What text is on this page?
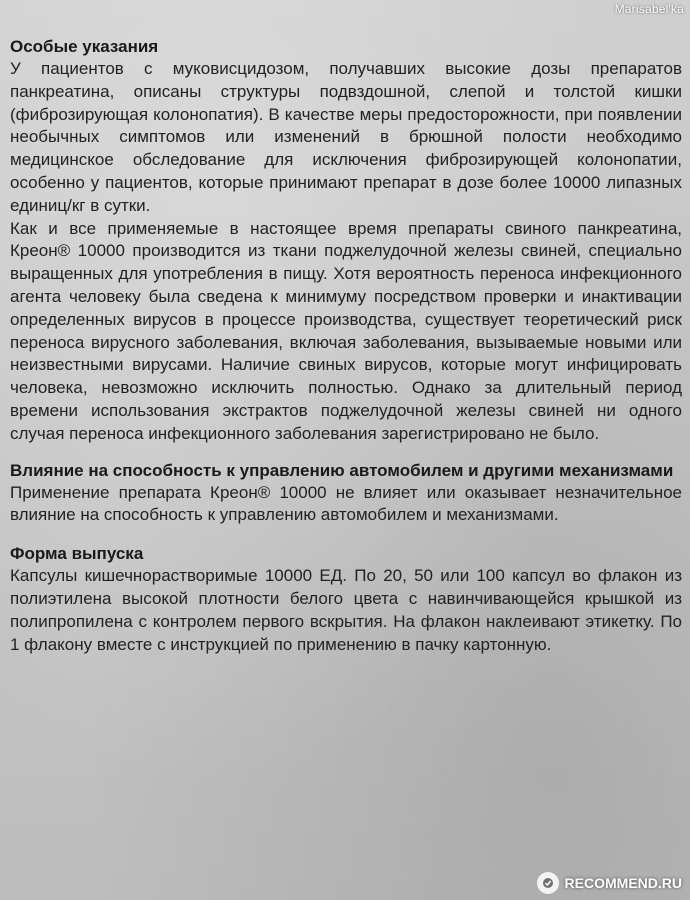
Marisabel'ka
Особые указания

У пациентов с муковисцидозом, получавших высокие дозы препаратов панкреатина, описаны структуры подвздошной, слепой и толстой кишки (фиброзирующая колонопатия). В качестве меры предосторожности, при появлении необычных симптомов или изменений в брюшной полости необходимо медицинское обследование для исключения фиброзирующей колонопатии, особенно у пациентов, которые принимают препарат в дозе более 10000 липазных единиц/кг в сутки.

Как и все применяемые в настоящее время препараты свиного панкреатина, Креон® 10000 производится из ткани поджелудочной железы свиней, специально выращенных для употребления в пищу. Хотя вероятность переноса инфекционного агента человеку была сведена к минимуму посредством проверки и инактивации определенных вирусов в процессе производства, существует теоретический риск переноса вирусного заболевания, включая заболевания, вызываемые новыми или неизвестными вирусами. Наличие свиных вирусов, которые могут инфицировать человека, невозможно исключить полностью. Однако за длительный период времени использования экстрактов поджелудочной железы свиней ни одного случая переноса инфекционного заболевания зарегистрировано не было.

Влияние на способность к управлению автомобилем и другими механизмами

Применение препарата Креон® 10000 не влияет или оказывает незначительное влияние на способность к управлению автомобилем и механизмами.

Форма выпуска

Капсулы кишечнорастворимые 10000 ЕД. По 20, 50 или 100 капсул во флакон из полиэтилена высокой плотности белого цвета с навинчивающейся крышкой из полипропилена с контролем первого вскрытия. На флакон наклеивают этикетку. По 1 флакону вместе с инструкцией по применению в пачку картонную.

RECOMMEND.RU
